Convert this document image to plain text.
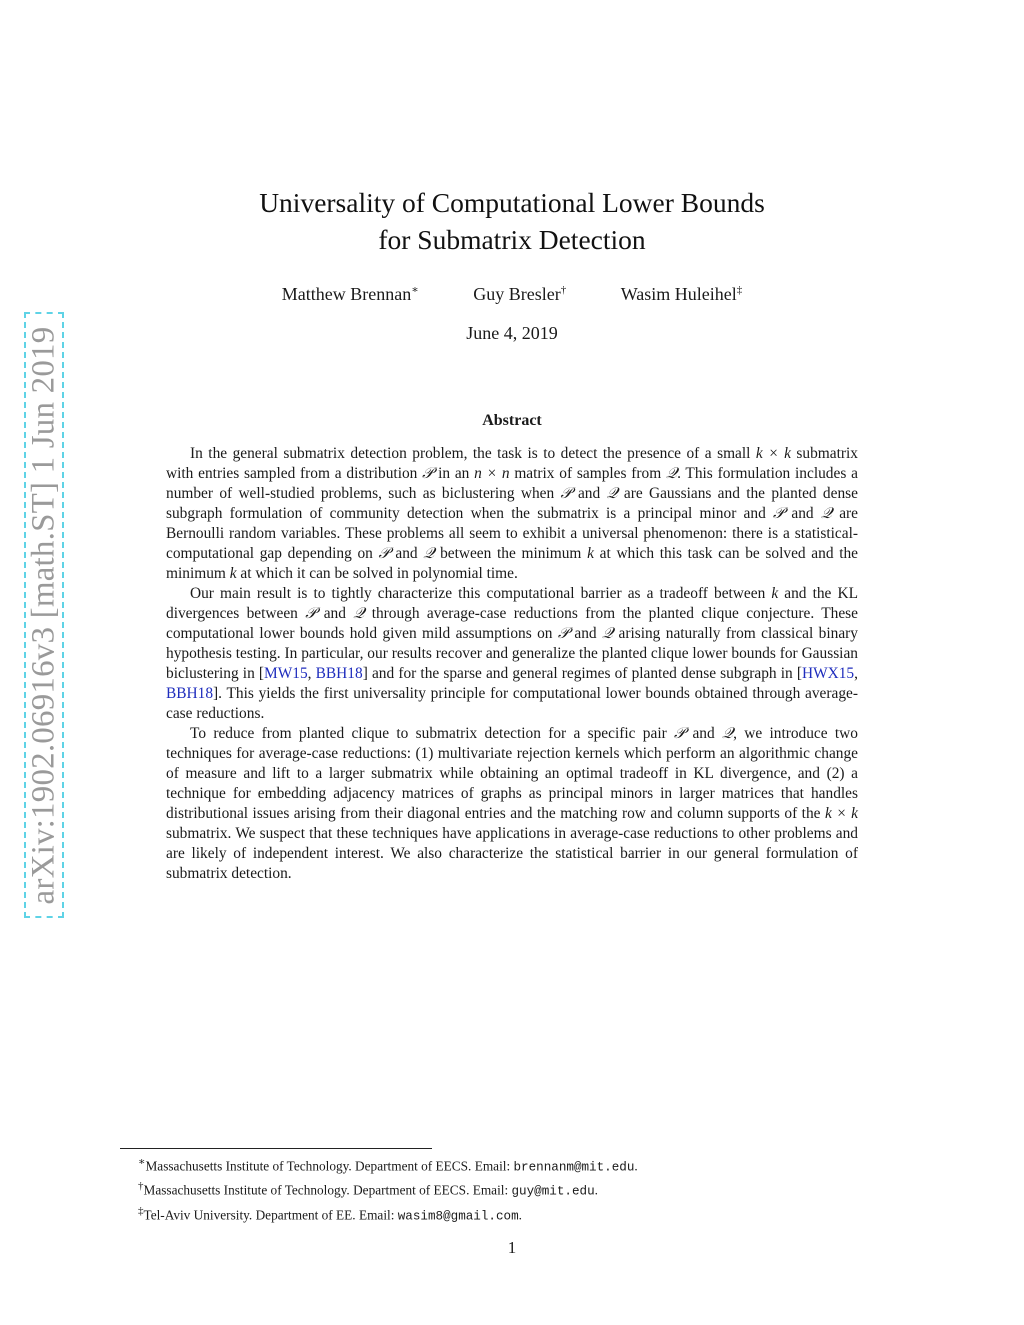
arXiv:1902.06916v3 [math.ST] 1 Jun 2019
Universality of Computational Lower Bounds
for Submatrix Detection
Matthew Brennan∗	Guy Bresler†	Wasim Huleihel‡
June 4, 2019
Abstract

In the general submatrix detection problem, the task is to detect the presence of a small k × k submatrix with entries sampled from a distribution 𝒫 in an n × n matrix of samples from 𝒬. This formulation includes a number of well-studied problems, such as biclustering when 𝒫 and 𝒬 are Gaussians and the planted dense subgraph formulation of community detection when the submatrix is a principal minor and 𝒫 and 𝒬 are Bernoulli random variables. These problems all seem to exhibit a universal phenomenon: there is a statistical-computational gap depending on 𝒫 and 𝒬 between the minimum k at which this task can be solved and the minimum k at which it can be solved in polynomial time.

Our main result is to tightly characterize this computational barrier as a tradeoff between k and the KL divergences between 𝒫 and 𝒬 through average-case reductions from the planted clique conjecture. These computational lower bounds hold given mild assumptions on 𝒫 and 𝒬 arising naturally from classical binary hypothesis testing. In particular, our results recover and generalize the planted clique lower bounds for Gaussian biclustering in [MW15, BBH18] and for the sparse and general regimes of planted dense subgraph in [HWX15, BBH18]. This yields the first universality principle for computational lower bounds obtained through average-case reductions.

To reduce from planted clique to submatrix detection for a specific pair 𝒫 and 𝒬, we introduce two techniques for average-case reductions: (1) multivariate rejection kernels which perform an algorithmic change of measure and lift to a larger submatrix while obtaining an optimal tradeoff in KL divergence, and (2) a technique for embedding adjacency matrices of graphs as principal minors in larger matrices that handles distributional issues arising from their diagonal entries and the matching row and column supports of the k × k submatrix. We suspect that these techniques have applications in average-case reductions to other problems and are likely of independent interest. We also characterize the statistical barrier in our general formulation of submatrix detection.

∗Massachusetts Institute of Technology. Department of EECS. Email: brennanm@mit.edu.
†Massachusetts Institute of Technology. Department of EECS. Email: guy@mit.edu.
‡Tel-Aviv University. Department of EE. Email: wasim8@gmail.com.
1
